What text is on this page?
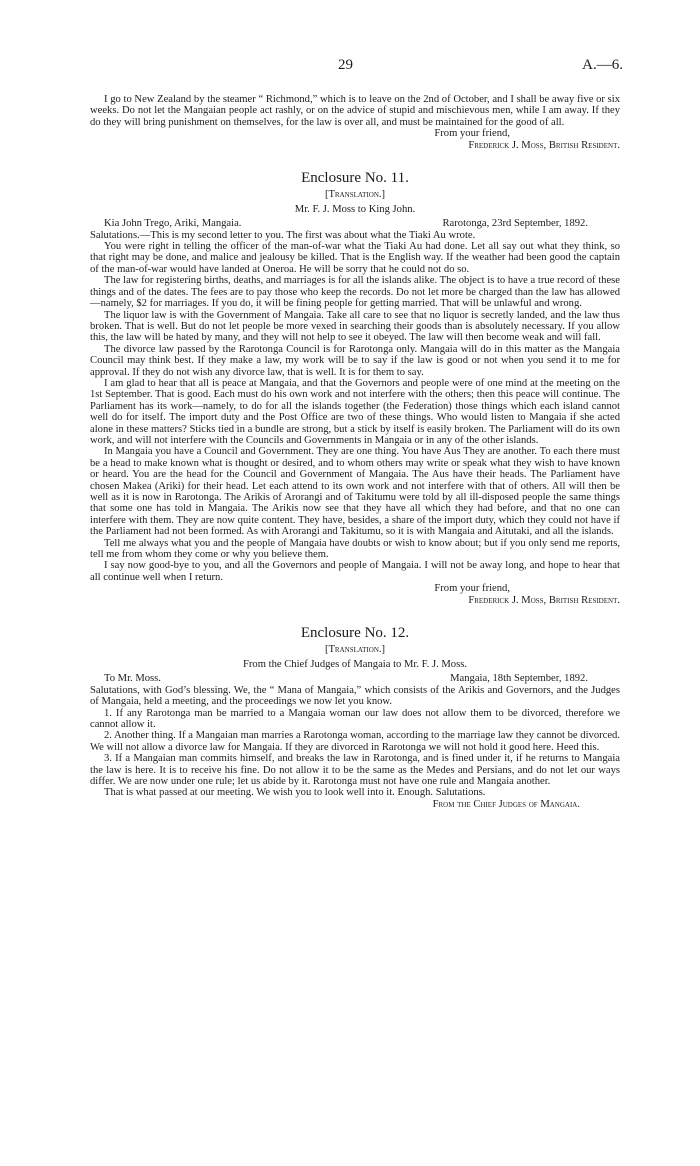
29	A.—6.

I go to New Zealand by the steamer “ Richmond,” which is to leave on the 2nd of October, and I shall be away five or six weeks. Do not let the Mangaian people act rashly, or on the advice of stupid and mischievous men, while I am away. If they do they will bring punishment on themselves, for the law is over all, and must be maintained for the good of all.

From your friend,
Frederick J. Moss, British Resident.
Enclosure No. 11.
[Translation.]
Mr. F. J. Moss to King John.
Kia John Trego, Ariki, Mangaia.	Rarotonga, 23rd September, 1892.

Salutations.—This is my second letter to you. The first was about what the Tiaki Au wrote.

You were right in telling the officer of the man-of-war what the Tiaki Au had done. Let all say out what they think, so that right may be done, and malice and jealousy be killed. That is the English way. If the weather had been good the captain of the man-of-war would have landed at Onerоа. He will be sorry that he could not do so.

The law for registering births, deaths, and marriages is for all the islands alike. The object is to have a true record of these things and of the dates. The fees are to pay those who keep the records. Do not let more be charged than the law has allowed—namely, $2 for marriages. If you do, it will be fining people for getting married. That will be unlawful and wrong.

The liquor law is with the Government of Mangaia. Take all care to see that no liquor is secretly landed, and the law thus broken. That is well. But do not let people be more vexed in searching their goods than is absolutely necessary. If you allow this, the law will be hated by many, and they will not help to see it obeyed. The law will then become weak and will fall.

The divorce law passed by the Rarotonga Council is for Rarotonga only. Mangaia will do in this matter as the Mangaia Council may think best. If they make a law, my work will be to say if the law is good or not when you send it to me for approval. If they do not wish any divorce law, that is well. It is for them to say.

I am glad to hear that all is peace at Mangaia, and that the Governors and people were of one mind at the meeting on the 1st September. That is good. Each must do his own work and not interfere with the others; then this peace will continue. The Parliament has its work—namely, to do for all the islands together (the Federation) those things which each island cannot well do for itself. The import duty and the Post Office are two of these things. Who would listen to Mangaia if she acted alone in these matters? Sticks tied in a bundle are strong, but a stick by itself is easily broken. The Parliament will do its own work, and will not interfere with the Councils and Governments in Mangaia or in any of the other islands.

In Mangaia you have a Council and Government. They are one thing. You have Aus They are another. To each there must be a head to make known what is thought or desired, and to whom others may write or speak what they wish to have known or heard. You are the head for the Council and Government of Mangaia. The Aus have their heads. The Parliament have chosen Makea (Ariki) for their head. Let each attend to its own work and not interfere with that of others. All will then be well as it is now in Rarotonga. The Arikis of Arorangi and of Takitumu were told by all ill-disposed people the same things that some one has told in Mangaia. The Arikis now see that they have all which they had before, and that no one can interfere with them. They are now quite content. They have, besides, a share of the import duty, which they could not have if the Parliament had not been formed. As with Arorangi and Takitumu, so it is with Mangaia and Aitutaki, and all the islands.

Tell me always what you and the people of Mangaia have doubts or wish to know about; but if you only send me reports, tell me from whom they come or why you believe them.

I say now good-bye to you, and all the Governors and people of Mangaia. I will not be away long, and hope to hear that all continue well when I return.

From your friend,
Frederick J. Moss, British Resident.
Enclosure No. 12.
[Translation.]
From the Chief Judges of Mangaia to Mr. F. J. Moss.
To Mr. Moss.	Mangaia, 18th September, 1892.

Salutations, with God’s blessing. We, the “ Mana of Mangaia,” which consists of the Arikis and Governors, and the Judges of Mangaia, held a meeting, and the proceedings we now let you know.

1. If any Rarotonga man be married to a Mangaia woman our law does not allow them to be divorced, therefore we cannot allow it.

2. Another thing. If a Mangaian man marries a Rarotonga woman, according to the marriage law they cannot be divorced. We will not allow a divorce law for Mangaia. If they are divorced in Rarotonga we will not hold it good here. Heed this.

3. If a Mangaian man commits himself, and breaks the law in Rarotonga, and is fined under it, if he returns to Mangaia the law is here. It is to receive his fine. Do not allow it to be the same as the Medes and Persians, and do not let our ways differ. We are now under one rule; let us abide by it. Rarotonga must not have one rule and Mangaia another.

That is what passed at our meeting. We wish you to look well into it. Enough. Salutations.

From the Chief Judges of Mangaia.
